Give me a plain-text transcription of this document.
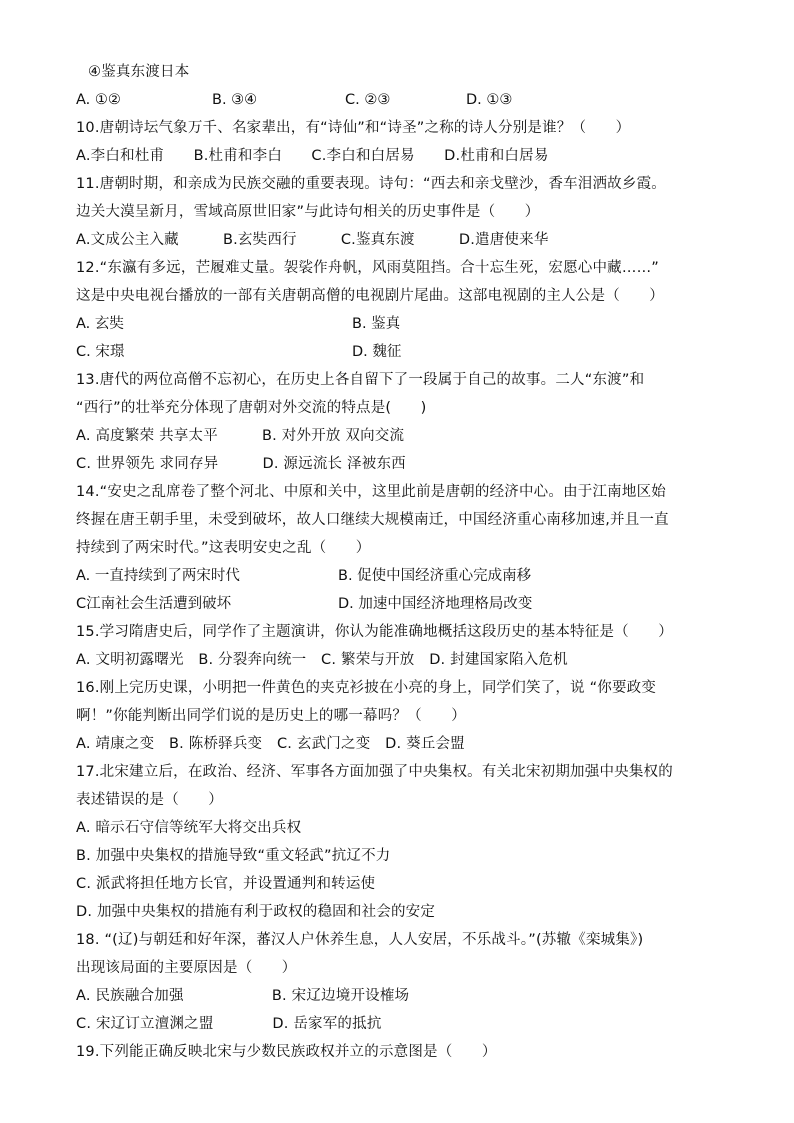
④鉴真东渡日本
A. ①②	B. ③④	C. ②③	D. ①③
10.唐朝诗坛气象万千、名家辈出，有“诗仙”和“诗圣”之称的诗人分别是谁？（　　）
A.李白和杜甫　　B.杜甫和李白　　C.李白和白居易　　D.杜甫和白居易
11.唐朝时期，和亲成为民族交融的重要表现。诗句：“西去和亲戈壁沙，香车泪洒故乡霞。
边关大漠呈新月，雪域高原世旧家”与此诗句相关的历史事件是（　　）
A.文成公主入藏　　　B.玄奘西行　　　C.鉴真东渡　　　D.遣唐使来华
12.“东瀛有多远，芒履难丈量。袈裟作舟帆，风雨莫阻挡。合十忘生死，宏愿心中藏……”
这是中央电视台播放的一部有关唐朝高僧的电视剧片尾曲。这部电视剧的主人公是（　　）
A. 玄奘	B. 鉴真
C. 宋璟	D. 魏征
13.唐代的两位高僧不忘初心，在历史上各自留下了一段属于自己的故事。二人“东渡”和
“西行”的壮举充分体现了唐朝对外交流的特点是(　　)
A. 高度繁荣 共享太平　　　B. 对外开放 双向交流
C. 世界领先 求同存异　　　D. 源远流长 泽被东西
14.“安史之乱席卷了整个河北、中原和关中，这里此前是唐朝的经济中心。由于江南地区始
终握在唐王朝手里，未受到破坏，故人口继续大规模南迁，中国经济重心南移加速,并且一直
持续到了两宋时代。”这表明安史之乱（　　）
A. 一直持续到了两宋时代	B. 促使中国经济重心完成南移
C江南社会生活遭到破坏	D. 加速中国经济地理格局改变
15.学习隋唐史后，同学作了主题演讲，你认为能准确地概括这段历史的基本特征是（　　）
A. 文明初露曙光　B. 分裂奔向统一　C. 繁荣与开放　D. 封建国家陷入危机
16.刚上完历史课，小明把一件黄色的夹克衫披在小亮的身上，同学们笑了，说 “你要政变
啊！”你能判断出同学们说的是历史上的哪一幕吗？（　　）
A. 靖康之变　B. 陈桥驿兵变　C. 玄武门之变　D. 葵丘会盟
17.北宋建立后，在政治、经济、军事各方面加强了中央集权。有关北宋初期加强中央集权的
表述错误的是（　　）
A. 暗示石守信等统军大将交出兵权
B. 加强中央集权的措施导致“重文轻武”抗辽不力
C. 派武将担任地方长官，并设置通判和转运使
D. 加强中央集权的措施有利于政权的稳固和社会的安定
18. “(辽)与朝廷和好年深，蕃汉人户休养生息，人人安居，不乐战斗。”(苏辙《栾城集》)
出现该局面的主要原因是（　　）
A. 民族融合加强　　　　　　B. 宋辽边境开设榷场
C. 宋辽订立澶渊之盟　　　　D. 岳家军的抵抗
19.下列能正确反映北宋与少数民族政权并立的示意图是（　　）
